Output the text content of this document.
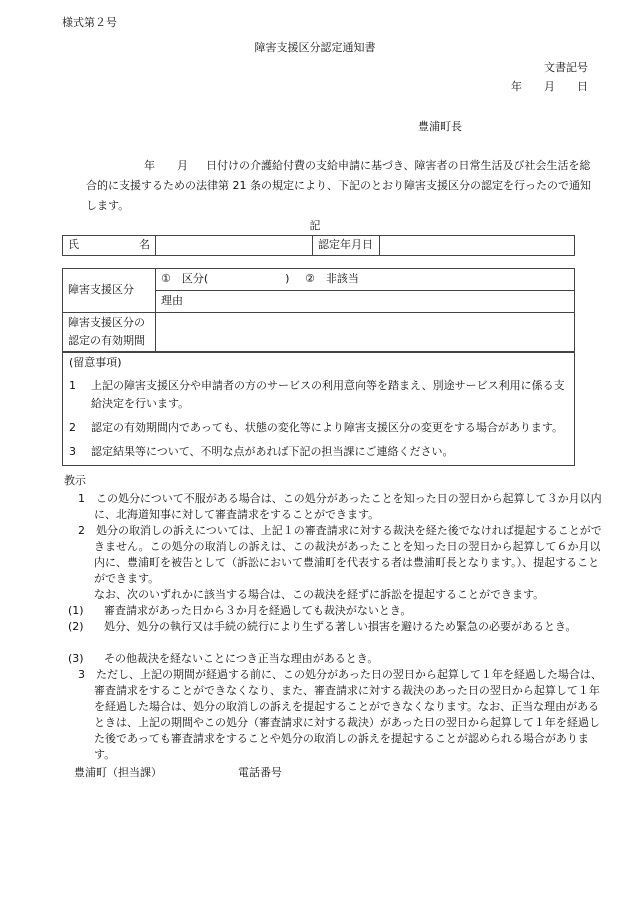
様式第２号
障害支援区分認定通知書
文書記号
年 月 日
豊浦町長
年 月 日付けの介護給付費の支給申請に基づき、障害者の日常生活及び社会生活を総合的に支援するための法律第 21 条の規定により、下記のとおり障害支援区分の認定を行ったので通知します。
記
氏	名		認定年月日	
障害支援区分	①　区分(　　　　　　　) ②　非該当
	理由

障害支援区分の
認定の有効期間	

(留意事項)
1	上記の障害支援区分や申請者の方のサービスの利用意向等を踏まえ、別途サービス利用に係る支給決定を行います。
2	認定の有効期間内であっても、状態の変化等により障害支援区分の変更をする場合があります。
3	認定結果等について、不明な点があれば下記の担当課にご連絡ください。
教示
1　この処分について不服がある場合は、この処分があったことを知った日の翌日から起算して３か月以内に、北海道知事に対して審査請求をすることができます。
2　処分の取消しの訴えについては、上記１の審査請求に対する裁決を経た後でなければ提起することができません。この処分の取消しの訴えは、この裁決があったことを知った日の翌日から起算して６か月以内に、豊浦町を被告として（訴訟において豊浦町を代表する者は豊浦町長となります。）、提起することができます。
なお、次のいずれかに該当する場合は、この裁決を経ずに訴訟を提起することができます。
(1) 審査請求があった日から３か月を経過しても裁決がないとき。
(2) 処分、処分の執行又は手続の続行により生ずる著しい損害を避けるため緊急の必要があるとき。
(3) その他裁決を経ないことにつき正当な理由があるとき。
3　ただし、上記の期間が経過する前に、この処分があった日の翌日から起算して１年を経過した場合は、審査請求をすることができなくなり、また、審査請求に対する裁決のあった日の翌日から起算して１年を経過した場合は、処分の取消しの訴えを提起することができなくなります。なお、正当な理由があるときは、上記の期間やこの処分（審査請求に対する裁決）があった日の翌日から起算して１年を経過した後であっても審査請求をすることや処分の取消しの訴えを提起することが認められる場合があります。
豊浦町（担当課）	電話番号
